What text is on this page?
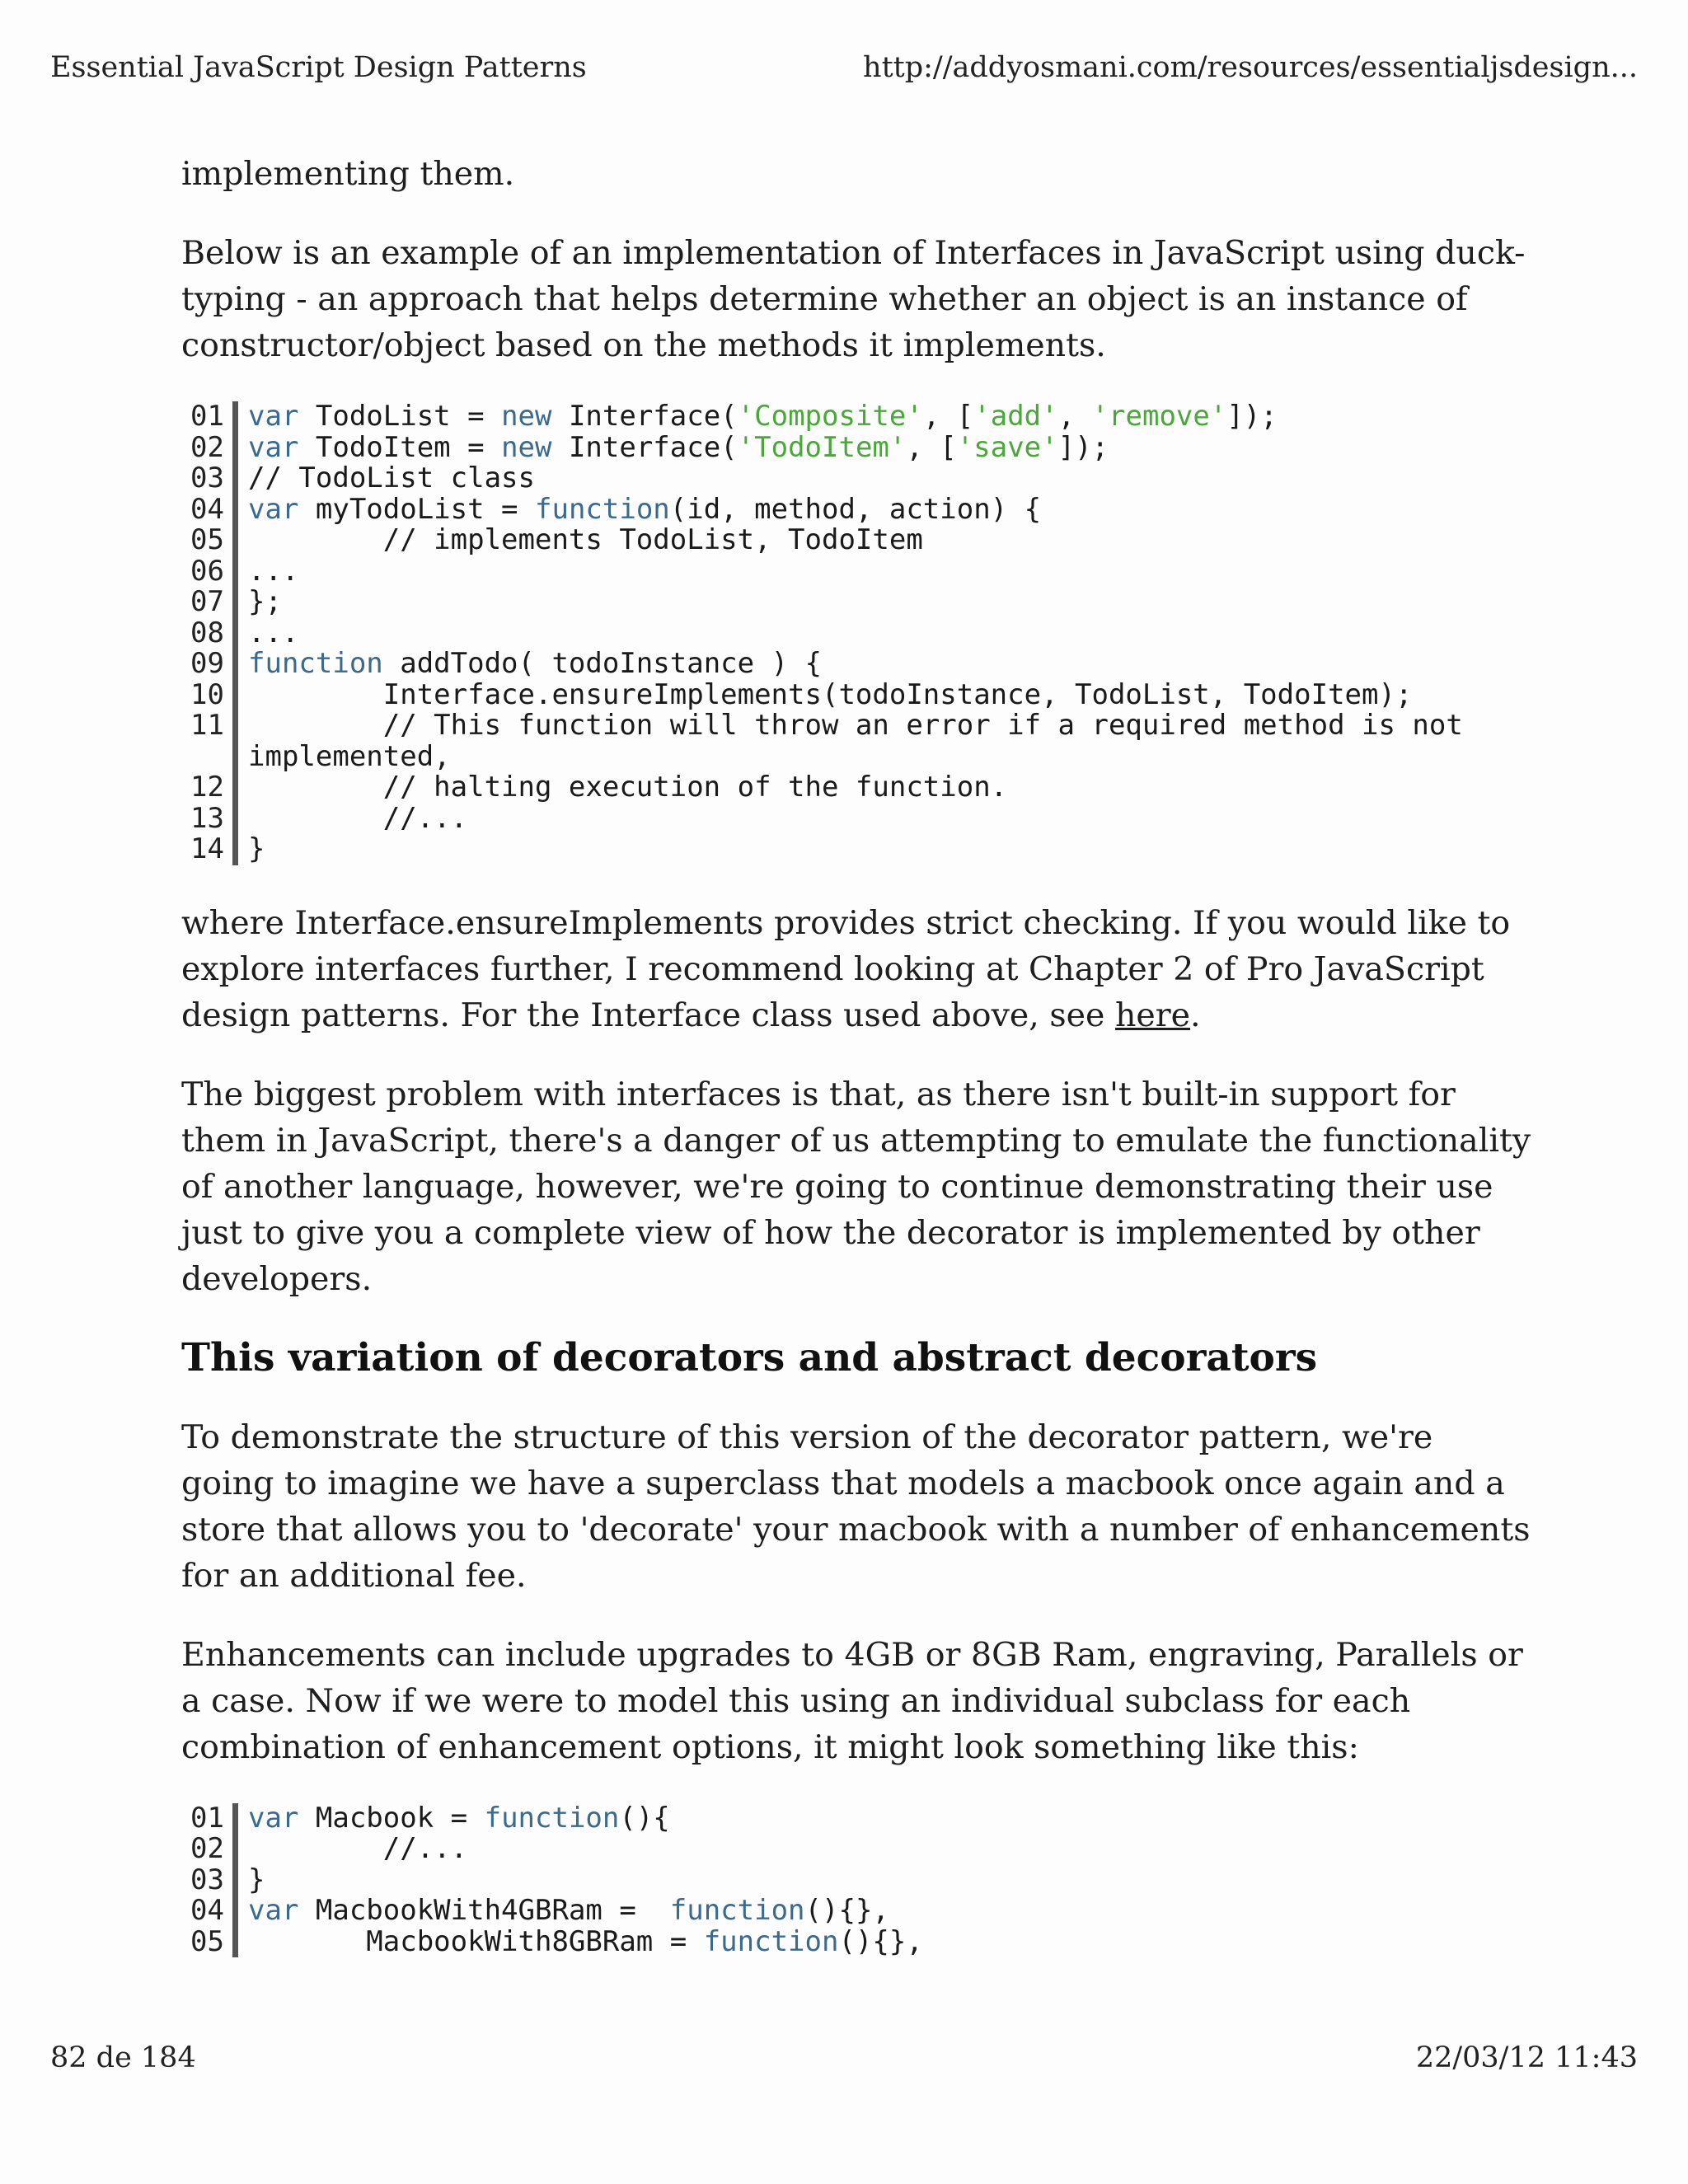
Essential JavaScript Design Patterns	http://addyosmani.com/resources/essentialjsdesign...

implementing them.

Below is an example of an implementation of Interfaces in JavaScript using duck-typing - an approach that helps determine whether an object is an instance of constructor/object based on the methods it implements.

01 var TodoList = new Interface('Composite', ['add', 'remove']);
02 var TodoItem = new Interface('TodoItem', ['save']);
03 // TodoList class
04 var myTodoList = function(id, method, action) {
05 // implements TodoList, TodoItem
06 ...
07 };
08 ...
09 function addTodo( todoInstance ) {
10 Interface.ensureImplements(todoInstance, TodoList, TodoItem);
11 // This function will throw an error if a required method is not
implemented,
12 // halting execution of the function.
13 //...
14 }

where Interface.ensureImplements provides strict checking. If you would like to explore interfaces further, I recommend looking at Chapter 2 of Pro JavaScript design patterns. For the Interface class used above, see here.

The biggest problem with interfaces is that, as there isn't built-in support for them in JavaScript, there's a danger of us attempting to emulate the functionality of another language, however, we're going to continue demonstrating their use just to give you a complete view of how the decorator is implemented by other developers.

This variation of decorators and abstract decorators

To demonstrate the structure of this version of the decorator pattern, we're going to imagine we have a superclass that models a macbook once again and a store that allows you to 'decorate' your macbook with a number of enhancements for an additional fee.

Enhancements can include upgrades to 4GB or 8GB Ram, engraving, Parallels or a case. Now if we were to model this using an individual subclass for each combination of enhancement options, it might look something like this:

01 var Macbook = function(){
02 //...
03 }
04 var MacbookWith4GBRam =  function(){},
05 MacbookWith8GBRam = function(){},
82 de 184	22/03/12 11:43
